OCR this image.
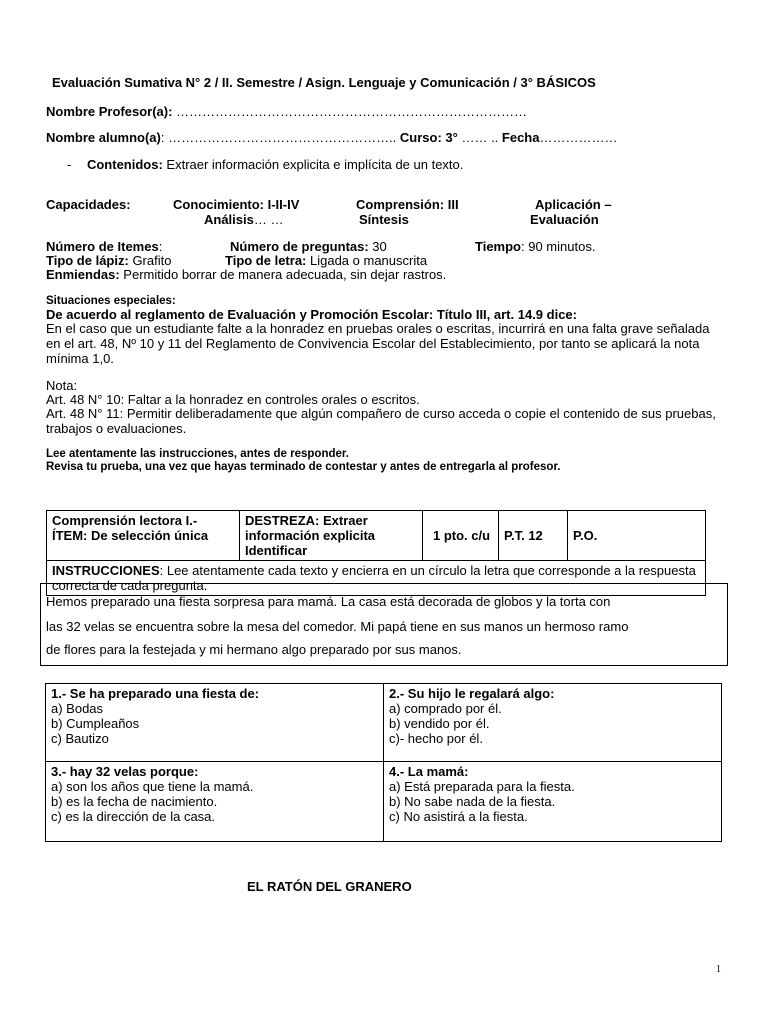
Evaluación Sumativa N° 2 / II. Semestre / Asign. Lenguaje y Comunicación / 3° BÁSICOS
Nombre Profesor(a): ………………………………………………………………………
Nombre alumno(a): …………………………………………….. Curso: 3° …… .. Fecha………………
- Contenidos: Extraer información explicita e implícita de un texto.
Capacidades:	Conocimiento: I-II-IV	Comprensión: III	Aplicación –
Análisis… …	Síntesis	Evaluación
Número de Itemes:	Número de preguntas: 30	Tiempo: 90 minutos.
Tipo de lápiz: Grafito	Tipo de letra: Ligada o manuscrita
Enmiendas: Permitido borrar de manera adecuada, sin dejar rastros.
Situaciones especiales:
De acuerdo al reglamento de Evaluación y Promoción Escolar: Título III, art. 14.9 dice:
En el caso que un estudiante falte a la honradez en pruebas orales o escritas, incurrirá en una falta grave señalada en el art. 48, Nº 10 y 11 del Reglamento de Convivencia Escolar del Establecimiento, por tanto se aplicará la nota mínima 1,0.
Nota:
Art. 48 N° 10: Faltar a la honradez en controles orales o escritos.
Art. 48 N° 11: Permitir deliberadamente que algún compañero de curso acceda o copie el contenido de sus pruebas, trabajos o evaluaciones.
Lee atentamente las instrucciones, antes de responder.
Revisa tu prueba, una vez que hayas terminado de contestar y antes de entregarla al profesor.
Comprensión lectora I.- ÍTEM: De selección única	DESTREZA: Extraer información explicita Identificar	1 pto. c/u	P.T. 12	P.O.
INSTRUCCIONES: Lee atentamente cada texto y encierra en un círculo la letra que corresponde a la respuesta correcta de cada pregunta.
Hemos preparado una fiesta sorpresa para mamá. La casa está decorada de globos y la torta con
las 32 velas se encuentra sobre la mesa del comedor. Mi papá tiene en sus manos un hermoso ramo
de flores para la festejada y mi hermano algo preparado por sus manos.
1.- Se ha preparado una fiesta de:
a) Bodas
b) Cumpleaños
c) Bautizo	2.- Su hijo le regalará algo:
a) comprado por él.
b) vendido por él.
c)- hecho por él.

3.- hay 32 velas porque:
a) son los años que tiene la mamá.
b) es la fecha de nacimiento.
c) es la dirección de la casa.	4.- La mamá:
a) Está preparada para la fiesta.
b) No sabe nada de la fiesta.
c) No asistirá a la fiesta.
EL RATÓN DEL GRANERO
1
